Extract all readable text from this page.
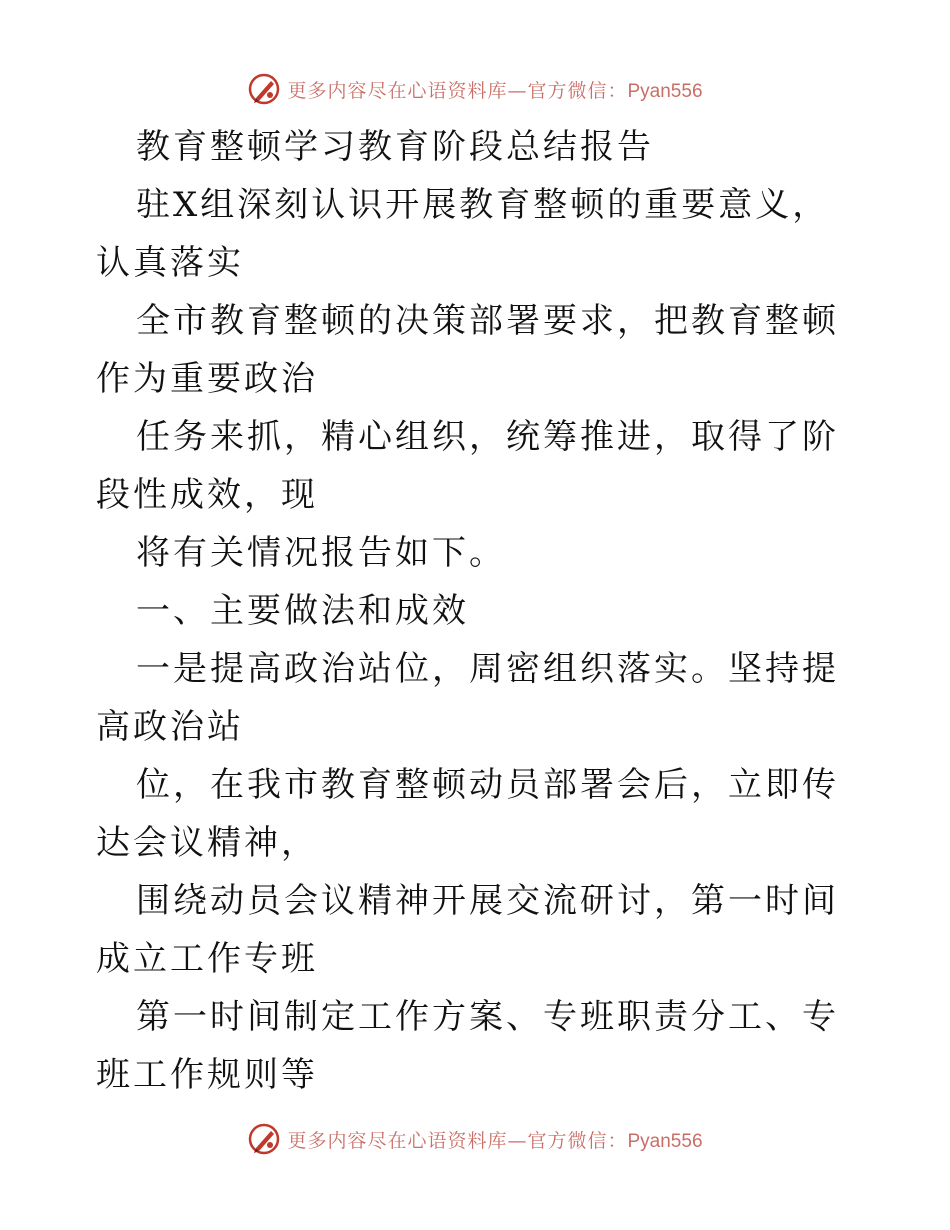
更多内容尽在心语资料库—官方微信：Pyan556

教育整顿学习教育阶段总结报告

驻X组深刻认识开展教育整顿的重要意义，认真落实

全市教育整顿的决策部署要求，把教育整顿作为重要政治

任务来抓，精心组织，统筹推进，取得了阶段性成效，现

将有关情况报告如下。

一、主要做法和成效

一是提高政治站位，周密组织落实。坚持提高政治站

位，在我市教育整顿动员部署会后，立即传达会议精神，

围绕动员会议精神开展交流研讨，第一时间成立工作专班

第一时间制定工作方案、专班职责分工、专班工作规则等

更多内容尽在心语资料库—官方微信：Pyan556
